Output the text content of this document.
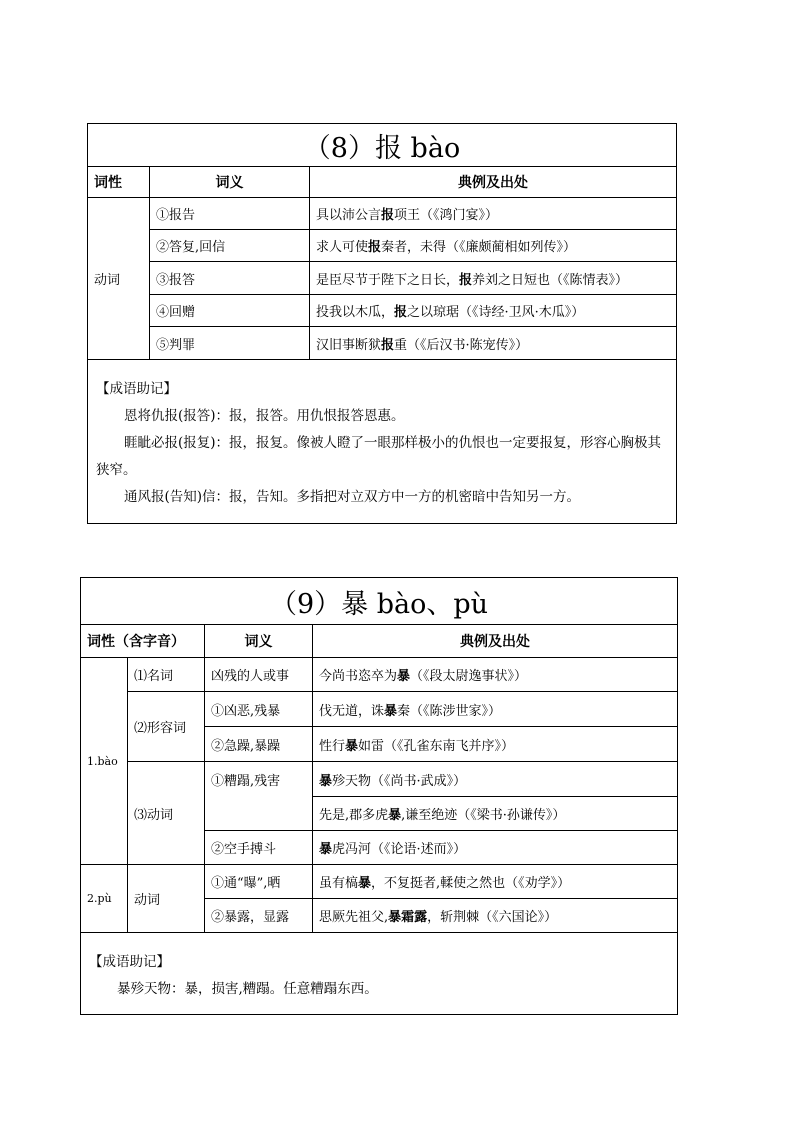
（8）报 bào		
词性	词义	典例及出处
动词	①报告	具以沛公言报项王（《鸿门宴》）
	②答复,回信	求人可使报秦者，未得（《廉颇蔺相如列传》）
	③报答	是臣尽节于陛下之日长，报养刘之日短也（《陈情表》）
	④回赠	投我以木瓜，报之以琼琚（《诗经·卫风·木瓜》）
	⑤判罪	汉旧事断狱报重（《后汉书·陈宠传》）

【成语助记】
恩将仇报(报答)：报，报答。用仇恨报答恩惠。
睚眦必报(报复)：报，报复。像被人瞪了一眼那样极小的仇恨也一定要报复，形容心胸极其狭窄。
通风报(告知)信：报，告知。多指把对立双方中一方的机密暗中告知另一方。		
（9）暴 bào、pù			
词性（含字音）		词义	典例及出处
1.bào	⑴名词	凶残的人或事	今尚书恣卒为暴（《段太尉逸事状》）
	⑵形容词	①凶恶,残暴	伐无道，诛暴秦（《陈涉世家》）
		②急躁,暴躁	性行暴如雷（《孔雀东南飞并序》）
	⑶动词	①糟蹋,残害	暴殄天物（《尚书·武成》）
			先是,郡多虎暴,谦至绝迹（《梁书·孙谦传》）
		②空手搏斗	暴虎冯河（《论语·述而》）
2.pù	动词	①通“曝”,晒	虽有槁暴，不复挺者,輮使之然也（《劝学》）
		②暴露，显露	思厥先祖父,暴霜露，斩荆棘（《六国论》）

【成语助记】
暴殄天物：暴，损害,糟蹋。任意糟蹋东西。			
